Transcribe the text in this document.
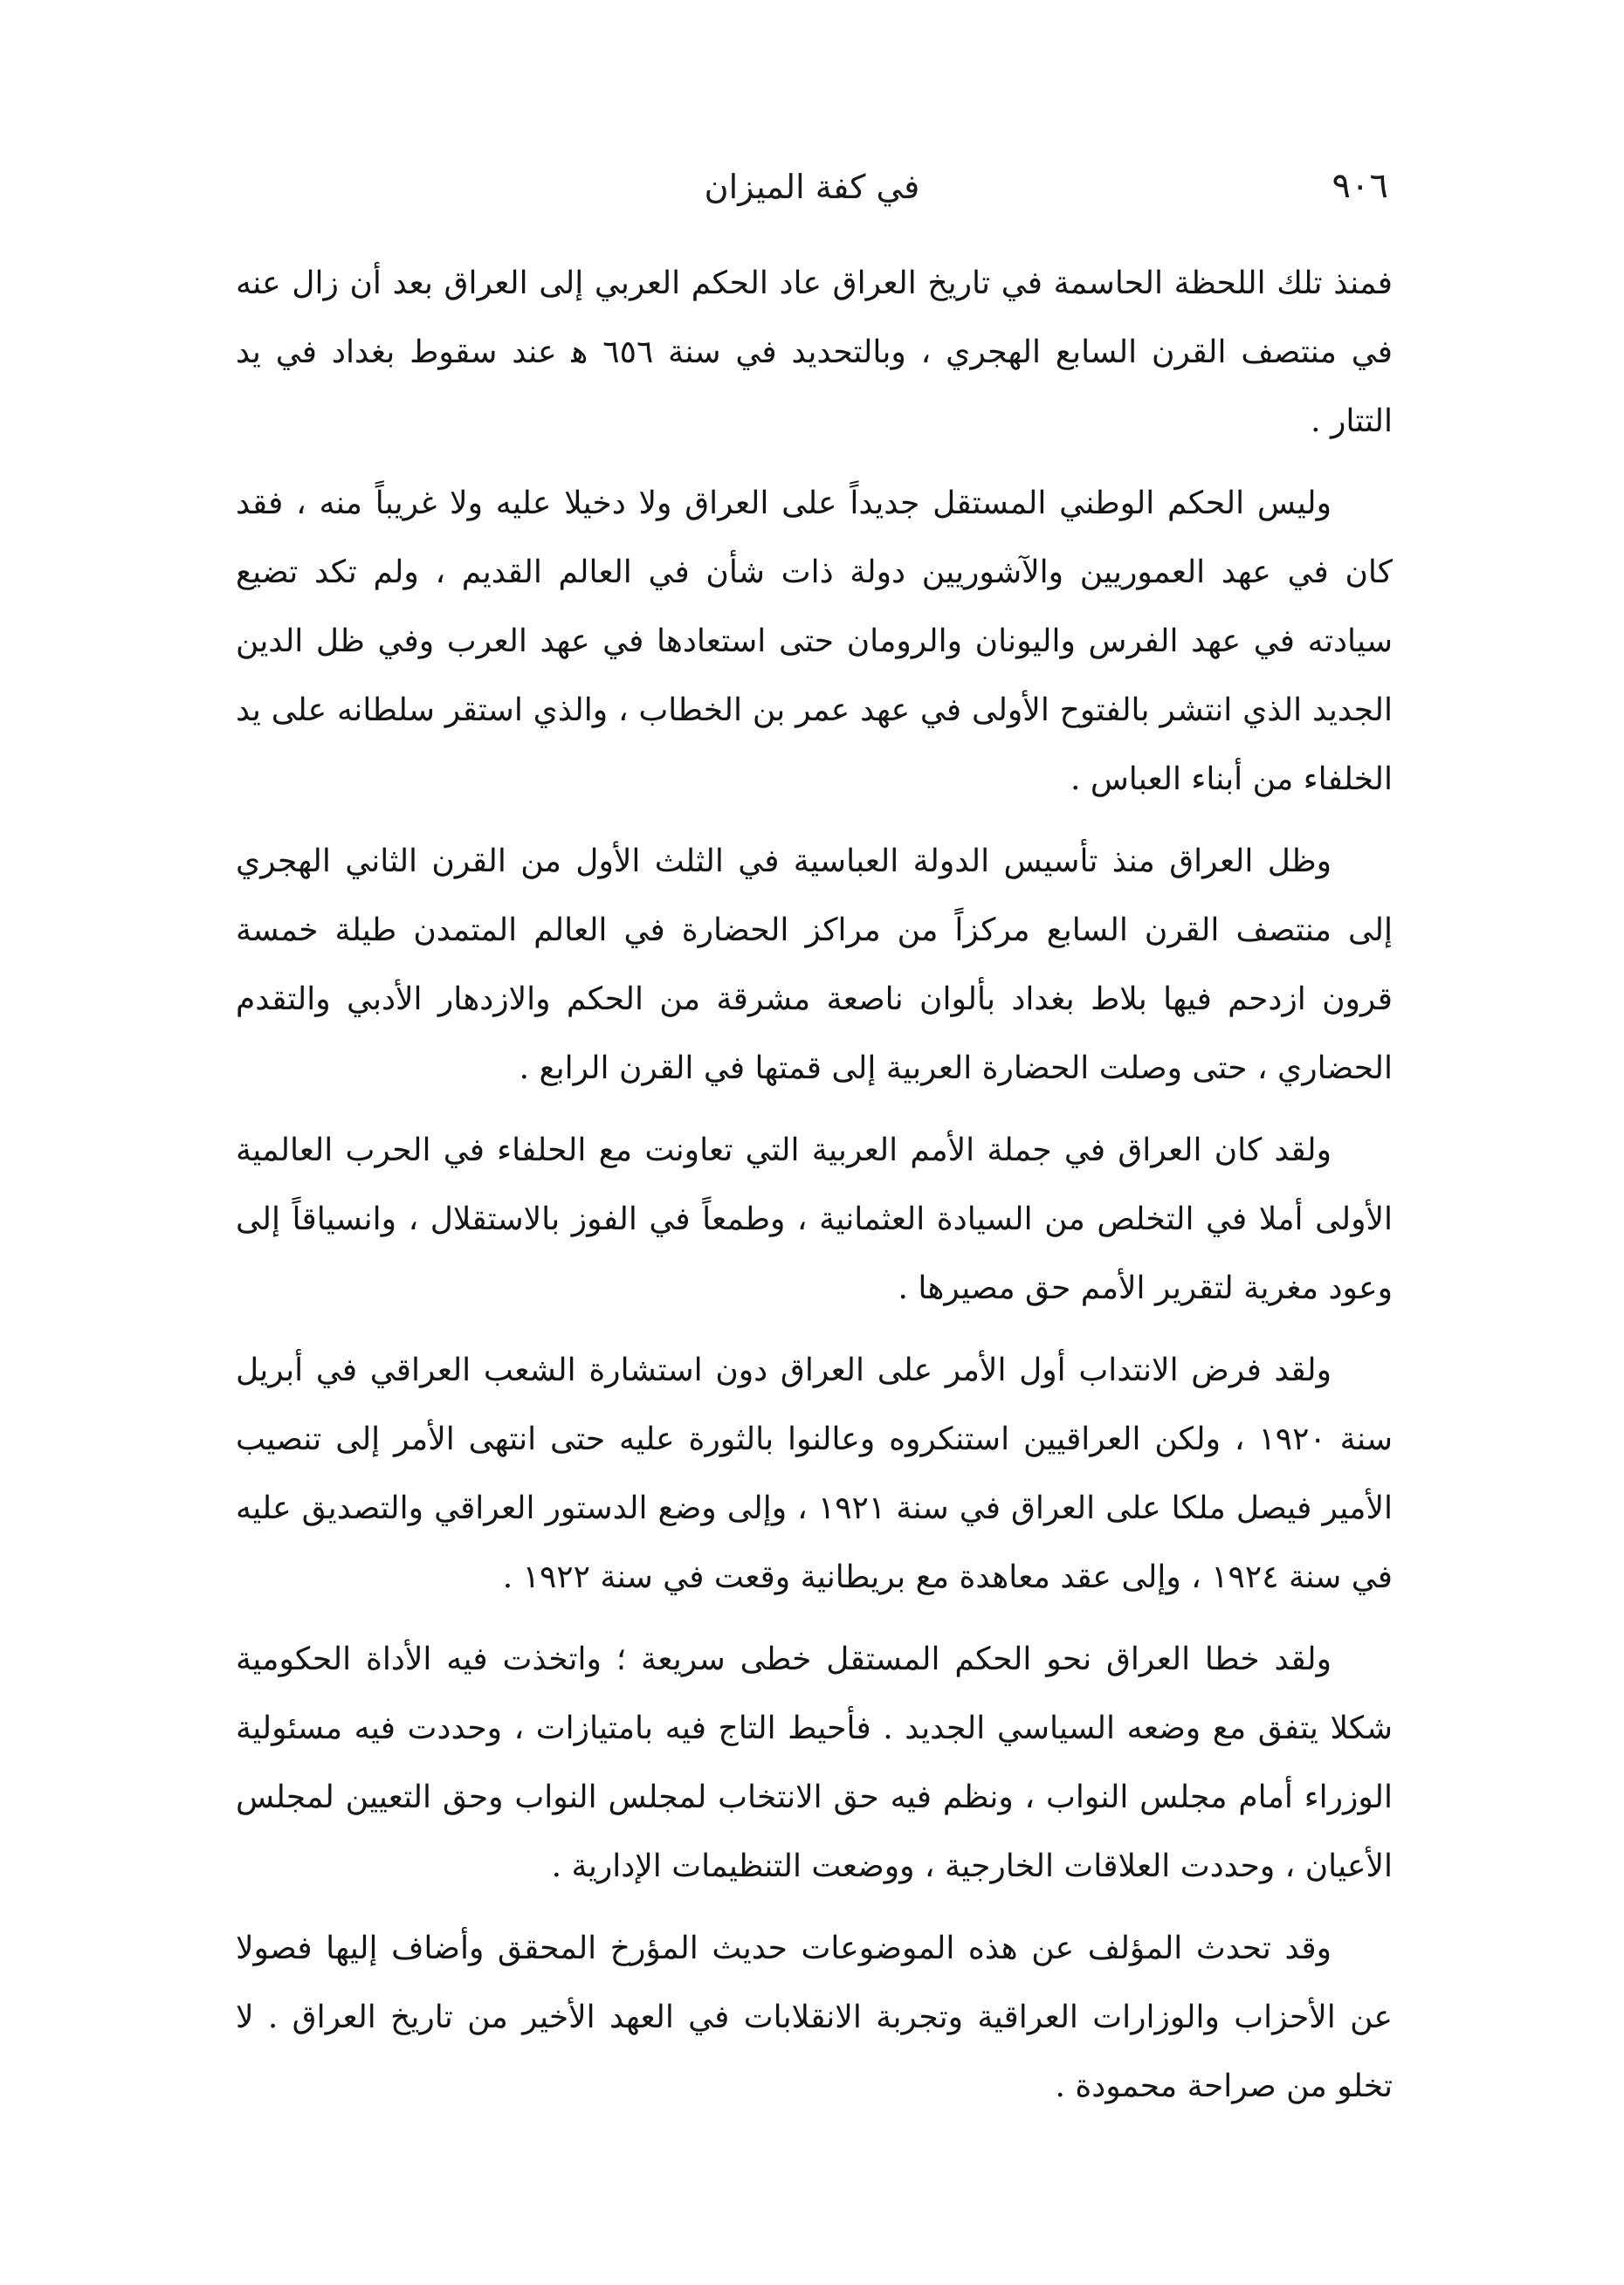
٩٠٦
في كفة الميزان

فمنذ تلك اللحظة الحاسمة في تاريخ العراق عاد الحكم العربي إلى العراق بعد أن زال عنه في منتصف القرن السابع الهجري ، وبالتحديد في سنة ٦٥٦ ﻫ عند سقوط بغداد في يد التتار .

وليس الحكم الوطني المستقل جديداً على العراق ولا دخيلا عليه ولا غريباً منه ، فقد كان في عهد العموريين والآشوريين دولة ذات شأن في العالم القديم ، ولم تكد تضيع سيادته في عهد الفرس واليونان والرومان حتى استعادها في عهد العرب وفي ظل الدين الجديد الذي انتشر بالفتوح الأولى في عهد عمر بن الخطاب ، والذي استقر سلطانه على يد الخلفاء من أبناء العباس .

وظل العراق منذ تأسيس الدولة العباسية في الثلث الأول من القرن الثاني الهجري إلى منتصف القرن السابع مركزاً من مراكز الحضارة في العالم المتمدن طيلة خمسة قرون ازدحم فيها بلاط بغداد بألوان ناصعة مشرقة من الحكم والازدهار الأدبي والتقدم الحضاري ، حتى وصلت الحضارة العربية إلى قمتها في القرن الرابع .

ولقد كان العراق في جملة الأمم العربية التي تعاونت مع الحلفاء في الحرب العالمية الأولى أملا في التخلص من السيادة العثمانية ، وطمعاً في الفوز بالاستقلال ، وانسياقاً إلى وعود مغرية لتقرير الأمم حق مصيرها .

ولقد فرض الانتداب أول الأمر على العراق دون استشارة الشعب العراقي في أبريل سنة ١٩٢٠ ، ولكن العراقيين استنكروه وعالنوا بالثورة عليه حتى انتهى الأمر إلى تنصيب الأمير فيصل ملكا على العراق في سنة ١٩٢١ ، وإلى وضع الدستور العراقي والتصديق عليه في سنة ١٩٢٤ ، وإلى عقد معاهدة مع بريطانية وقعت في سنة ١٩٢٢ .

ولقد خطا العراق نحو الحكم المستقل خطى سريعة ؛ واتخذت فيه الأداة الحكومية شكلا يتفق مع وضعه السياسي الجديد . فأحيط التاج فيه بامتيازات ، وحددت فيه مسئولية الوزراء أمام مجلس النواب ، ونظم فيه حق الانتخاب لمجلس النواب وحق التعيين لمجلس الأعيان ، وحددت العلاقات الخارجية ، ووضعت التنظيمات الإدارية .

وقد تحدث المؤلف عن هذه الموضوعات حديث المؤرخ المحقق وأضاف إليها فصولا عن الأحزاب والوزارات العراقية وتجربة الانقلابات في العهد الأخير من تاريخ العراق . لا تخلو من صراحة محمودة .
